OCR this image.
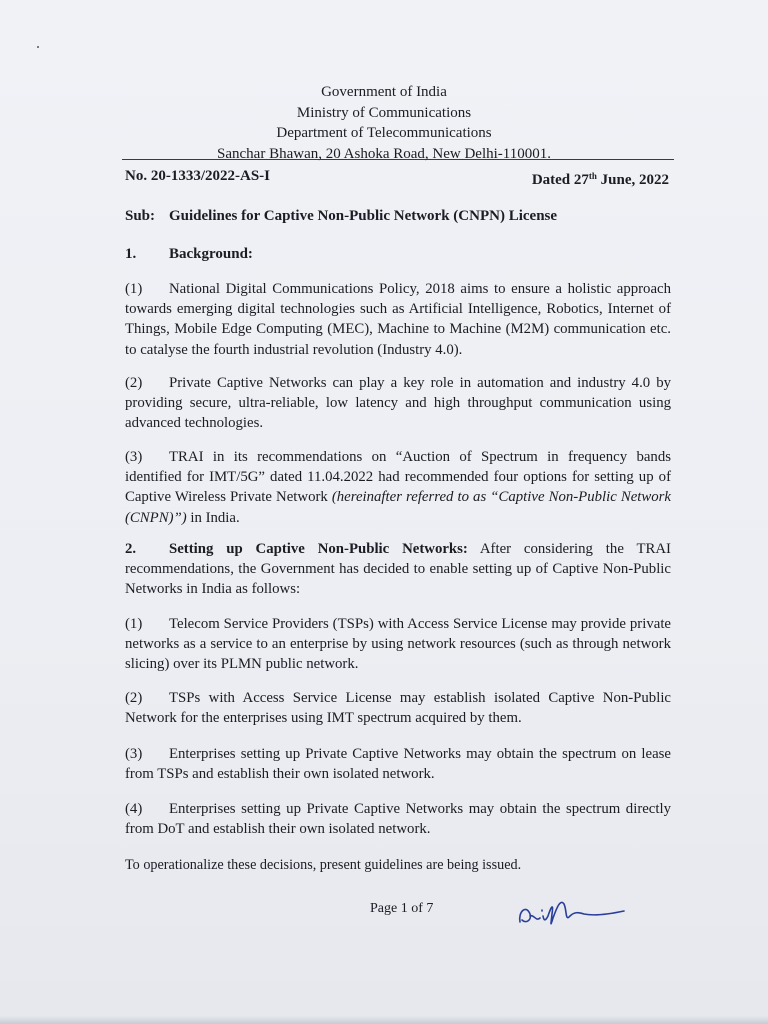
Government of India
Ministry of Communications
Department of Telecommunications
Sanchar Bhawan, 20 Ashoka Road, New Delhi-110001.
No. 20-1333/2022-AS-I	Dated 27th June, 2022
Sub: Guidelines for Captive Non-Public Network (CNPN) License
1. Background:
(1) National Digital Communications Policy, 2018 aims to ensure a holistic approach towards emerging digital technologies such as Artificial Intelligence, Robotics, Internet of Things, Mobile Edge Computing (MEC), Machine to Machine (M2M) communication etc. to catalyse the fourth industrial revolution (Industry 4.0).
(2) Private Captive Networks can play a key role in automation and industry 4.0 by providing secure, ultra-reliable, low latency and high throughput communication using advanced technologies.
(3) TRAI in its recommendations on “Auction of Spectrum in frequency bands identified for IMT/5G” dated 11.04.2022 had recommended four options for setting up of Captive Wireless Private Network (hereinafter referred to as “Captive Non-Public Network (CNPN)”) in India.
2. Setting up Captive Non-Public Networks: After considering the TRAI recommendations, the Government has decided to enable setting up of Captive Non-Public Networks in India as follows:
(1) Telecom Service Providers (TSPs) with Access Service License may provide private networks as a service to an enterprise by using network resources (such as through network slicing) over its PLMN public network.
(2) TSPs with Access Service License may establish isolated Captive Non-Public Network for the enterprises using IMT spectrum acquired by them.
(3) Enterprises setting up Private Captive Networks may obtain the spectrum on lease from TSPs and establish their own isolated network.
(4) Enterprises setting up Private Captive Networks may obtain the spectrum directly from DoT and establish their own isolated network.
To operationalize these decisions, present guidelines are being issued.
Page 1 of 7
